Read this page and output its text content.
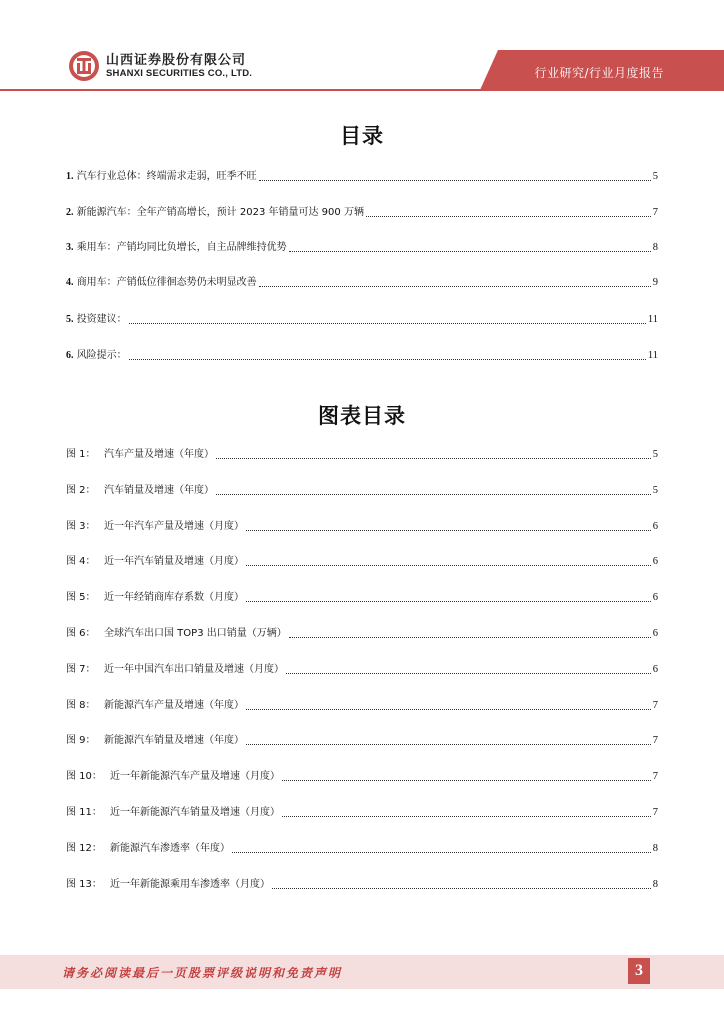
山西证券股份有限公司
SHANXI SECURITIES CO., LTD.	行业研究/行业月度报告
目录
1. 汽车行业总体：终端需求走弱，旺季不旺	5
2. 新能源汽车：全年产销高增长，预计 2023 年销量可达 900 万辆	7
3. 乘用车：产销均同比负增长，自主品牌维持优势	8
4. 商用车：产销低位徘徊态势仍未明显改善	9
5. 投资建议：	11
6. 风险提示：	11
图表目录
图 1： 汽车产量及增速（年度）	5
图 2： 汽车销量及增速（年度）	5
图 3： 近一年汽车产量及增速（月度）	6
图 4： 近一年汽车销量及增速（月度）	6
图 5： 近一年经销商库存系数（月度）	6
图 6： 全球汽车出口国 TOP3 出口销量（万辆）	6
图 7： 近一年中国汽车出口销量及增速（月度）	6
图 8： 新能源汽车产量及增速（年度）	7
图 9： 新能源汽车销量及增速（年度）	7
图 10： 近一年新能源汽车产量及增速（月度）	7
图 11： 近一年新能源汽车销量及增速（月度）	7
图 12： 新能源汽车渗透率（年度）	8
图 13： 近一年新能源乘用车渗透率（月度）	8
请务必阅读最后一页股票评级说明和免责声明	3
